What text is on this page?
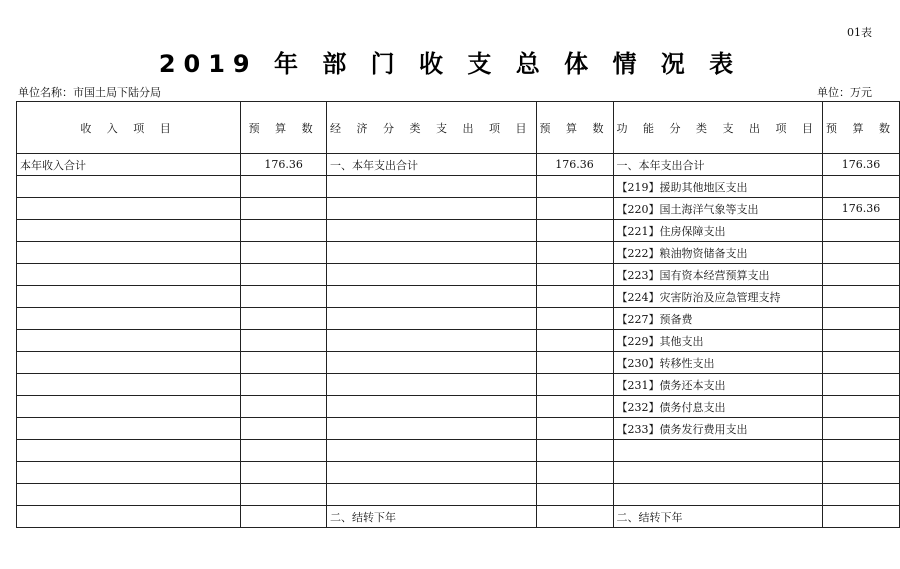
01表
2019 年 部 门 收 支 总 体 情 况 表
单位名称：市国土局下陆分局	单位：万元
收 入 项 目	预 算 数	经 济 分 类 支 出 项 目	预 算 数	功 能 分 类 支 出 项 目	预 算 数
本年收入合计	176.36	一、本年支出合计	176.36	一、本年支出合计	176.36
				【219】援助其他地区支出	
				【220】国土海洋气象等支出	176.36
				【221】住房保障支出	
				【222】粮油物资储备支出	
				【223】国有资本经营预算支出	
				【224】灾害防治及应急管理支持	
				【227】预备费	
				【229】其他支出	
				【230】转移性支出	
				【231】债务还本支出	
				【232】债务付息支出	
				【233】债务发行费用支出	

		二、结转下年		二、结转下年	
